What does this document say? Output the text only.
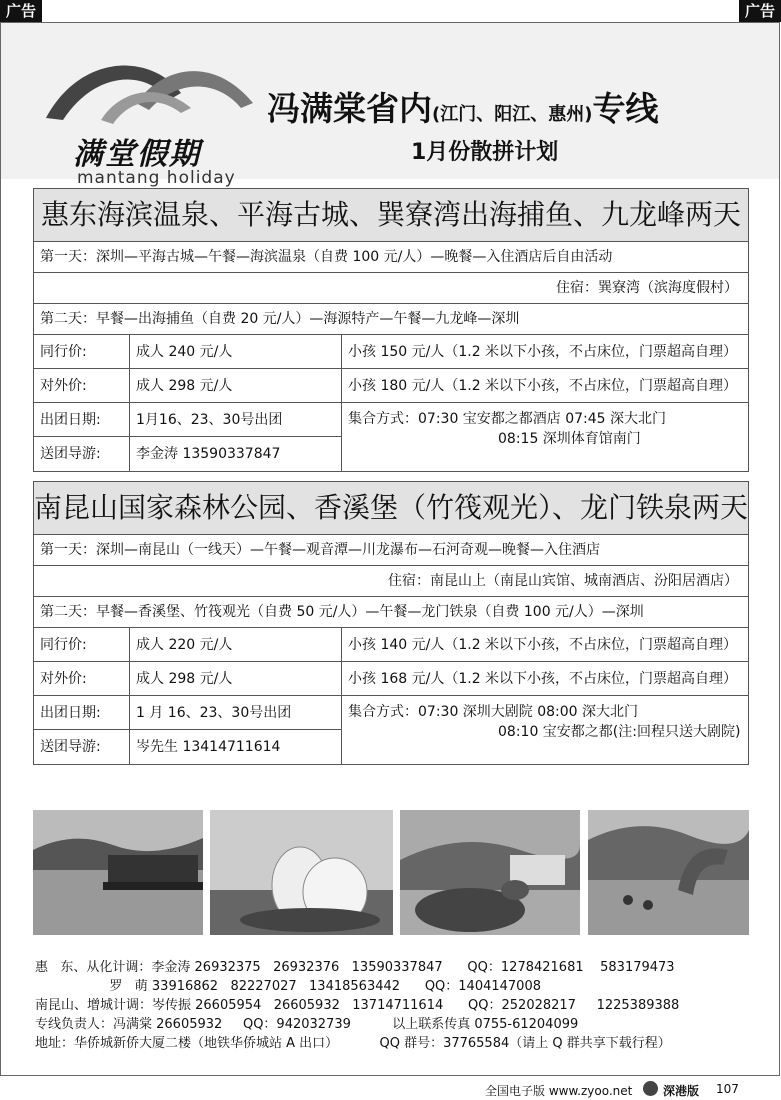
广告	广告
满堂假期
mantang holiday
冯满棠省内(江门、阳江、惠州)专线
1月份散拼计划
惠东海滨温泉、平海古城、巽寮湾出海捕鱼、九龙峰两天
第一天：深圳—平海古城—午餐—海滨温泉（自费 100 元/人）—晚餐—入住酒店后自由活动
住宿：巽寮湾（滨海度假村）
第二天：早餐—出海捕鱼（自费 20 元/人）—海源特产—午餐—九龙峰—深圳
同行价:	成人 240 元/人	小孩 150 元/人（1.2 米以下小孩，不占床位，门票超高自理）
对外价:	成人 298 元/人	小孩 180 元/人（1.2 米以下小孩，不占床位，门票超高自理）
出团日期:	1月16、23、30号出团	集合方式：07:30 宝安都之都酒店 07:45 深大北门
08:15 深圳体育馆南门
送团导游:	李金涛 13590337847
南昆山国家森林公园、香溪堡（竹筏观光）、龙门铁泉两天
第一天：深圳—南昆山（一线天）—午餐—观音潭—川龙瀑布—石河奇观—晚餐—入住酒店
住宿：南昆山上（南昆山宾馆、城南酒店、汾阳居酒店）
第二天：早餐—香溪堡、竹筏观光（自费 50 元/人）—午餐—龙门铁泉（自费 100 元/人）—深圳
同行价:	成人 220 元/人	小孩 140 元/人（1.2 米以下小孩，不占床位，门票超高自理）
对外价:	成人 298 元/人	小孩 168 元/人（1.2 米以下小孩，不占床位，门票超高自理）
出团日期:	1 月 16、23、30号出团	集合方式：07:30 深圳大剧院 08:00 深大北门
08:10 宝安都之都(注:回程只送大剧院)
送团导游:	岑先生 13414711614
惠   东、从化计调：李金涛 26932375   26932376   13590337847      QQ：1278421681    583179473
罗   萌 33916862   82227027   13418563442      QQ：1404147008
南昆山、增城计调：岑传振 26605954   26605932   13714711614      QQ：252028217     1225389388
专线负责人：冯满棠 26605932     QQ：942032739          以上联系传真 0755-61204099
地址：华侨城新侨大厦二楼（地铁华侨城站 A 出口）          QQ 群号：37765584（请上 Q 群共享下载行程）
全国电子版 www.zyoo.net	深港版 107
